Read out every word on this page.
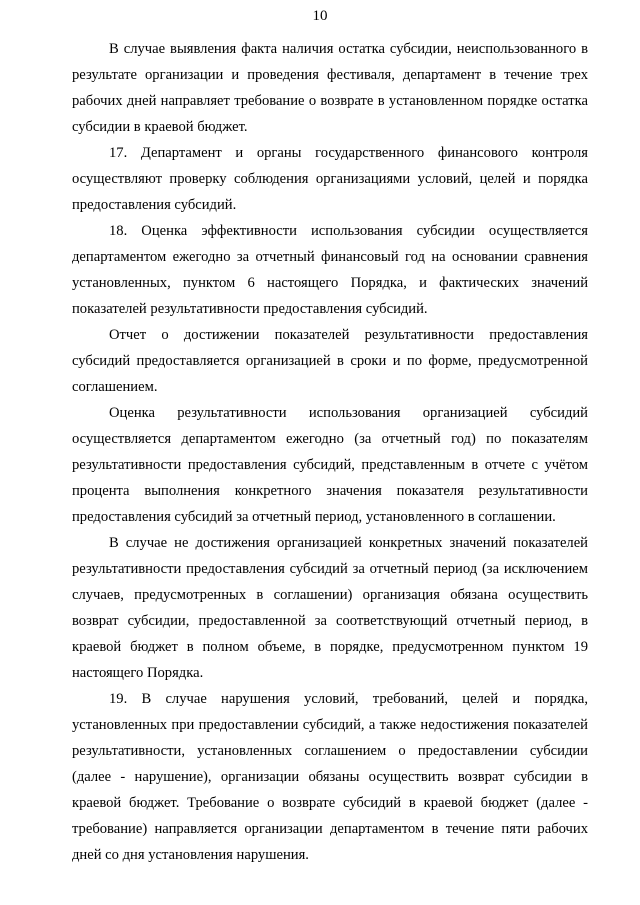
10

В случае выявления факта наличия остатка субсидии, неиспользованного в результате организации и проведения фестиваля, департамент в течение трех рабочих дней направляет требование о возврате в установленном порядке остатка субсидии в краевой бюджет.

17. Департамент и органы государственного финансового контроля осуществляют проверку соблюдения организациями условий, целей и порядка предоставления субсидий.

18. Оценка эффективности использования субсидии осуществляется департаментом ежегодно за отчетный финансовый год на основании сравнения установленных, пунктом 6 настоящего Порядка, и фактических значений показателей результативности предоставления субсидий.

Отчет о достижении показателей результативности предоставления субсидий предоставляется организацией в сроки и по форме, предусмотренной соглашением.

Оценка результативности использования организацией субсидий осуществляется департаментом ежегодно (за отчетный год) по показателям результативности предоставления субсидий, представленным в отчете с учётом процента выполнения конкретного значения показателя результативности предоставления субсидий за отчетный период, установленного в соглашении.

В случае не достижения организацией конкретных значений показателей результативности предоставления субсидий за отчетный период (за исключением случаев, предусмотренных в соглашении) организация обязана осуществить возврат субсидии, предоставленной за соответствующий отчетный период, в краевой бюджет в полном объеме, в порядке, предусмотренном пунктом 19 настоящего Порядка.

19. В случае нарушения условий, требований, целей и порядка, установленных при предоставлении субсидий, а также недостижения показателей результативности, установленных соглашением о предоставлении субсидии (далее - нарушение), организации обязаны осуществить возврат субсидии в краевой бюджет. Требование о возврате субсидий в краевой бюджет (далее - требование) направляется организации департаментом в течение пяти рабочих дней со дня установления нарушения.
